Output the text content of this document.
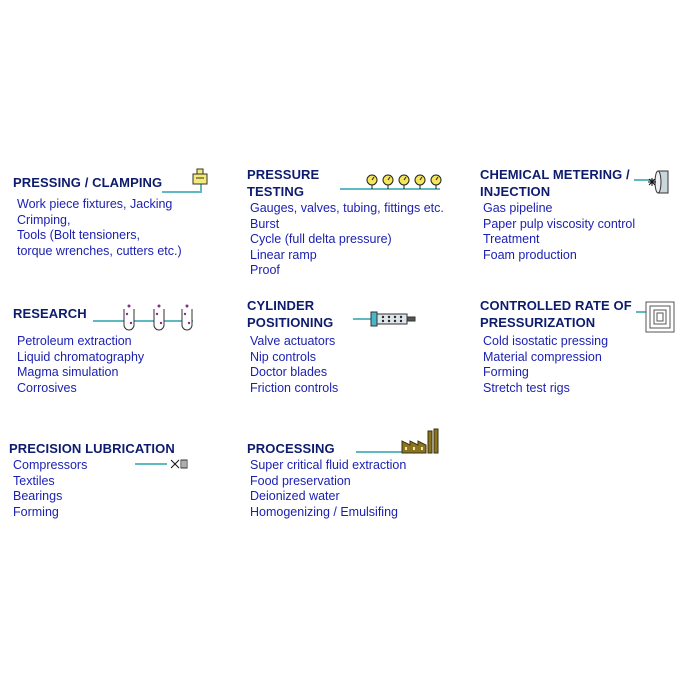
PRESSING / CLAMPING
Work piece fixtures, Jacking
Crimping,
Tools (Bolt tensioners,
torque wrenches, cutters etc.)
PRESSURE
TESTING
Gauges, valves, tubing, fittings etc.
Burst
Cycle (full delta pressure)
Linear ramp
Proof
CHEMICAL METERING /
INJECTION
Gas pipeline
Paper pulp viscosity control
Treatment
Foam production
RESEARCH
Petroleum extraction
Liquid chromatography
Magma simulation
Corrosives
CYLINDER
POSITIONING
Valve actuators
Nip controls
Doctor blades
Friction controls
CONTROLLED RATE OF
PRESSURIZATION
Cold isostatic pressing
Material compression
Forming
Stretch test rigs
PRECISION LUBRICATION
Compressors
Textiles
Bearings
Forming
PROCESSING
Super critical fluid extraction
Food preservation
Deionized water
Homogenizing / Emulsifing
